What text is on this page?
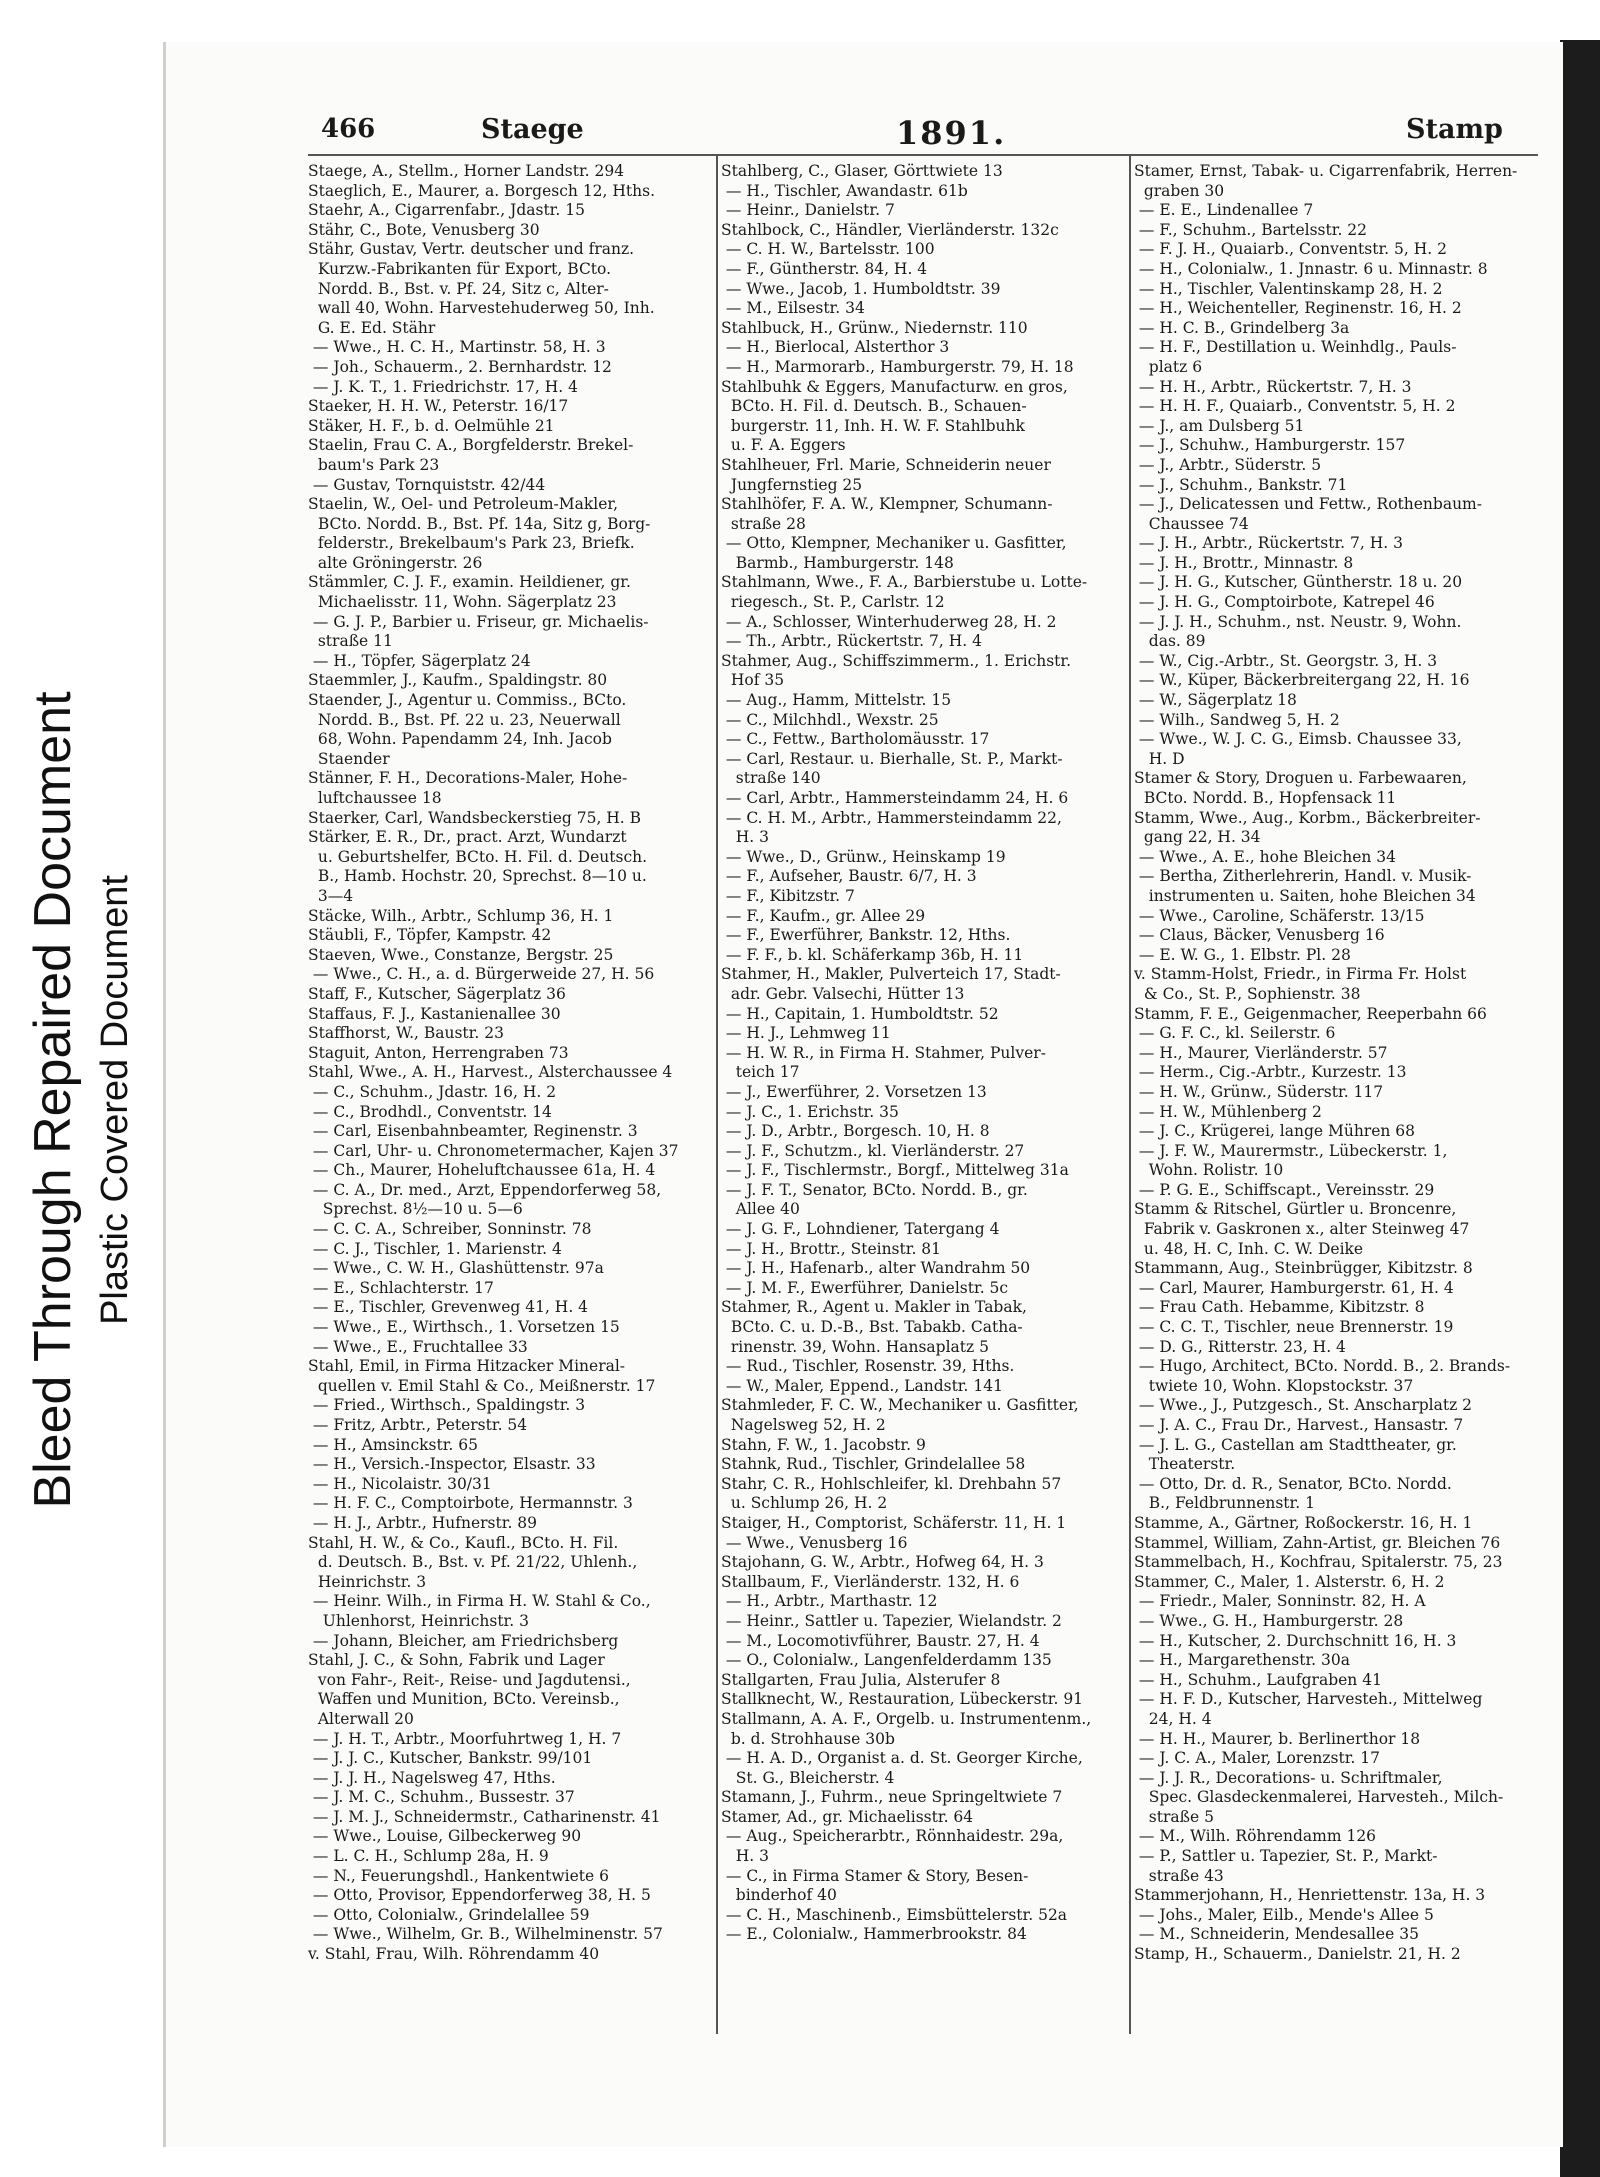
Bleed Through Repaired Document Plastic Covered Document
466	Staege	1891.	Stamp
Staege, A., Stellm., Horner Landstr. 294
Staeglich, E., Maurer, a. Borgesch 12, Hths.
Staehr, A., Cigarrenfabr., Jdastr. 15
Stähr, C., Bote, Venusberg 30
Stähr, Gustav, Vertr. deutscher und franz.
Kurzw.-Fabrikanten für Export, BCto.
Nordd. B., Bst. v. Pf. 24, Sitz c, Alter-
wall 40, Wohn. Harvestehuderweg 50, Inh.
G. E. Ed. Stähr
— Wwe., H. C. H., Martinstr. 58, H. 3
— Joh., Schauerm., 2. Bernhardstr. 12
— J. K. T., 1. Friedrichstr. 17, H. 4
Staeker, H. H. W., Peterstr. 16/17
Stäker, H. F., b. d. Oelmühle 21
Staelin, Frau C. A., Borgfelderstr. Brekel-
baum's Park 23
— Gustav, Tornquiststr. 42/44
Staelin, W., Oel- und Petroleum-Makler,
BCto. Nordd. B., Bst. Pf. 14a, Sitz g, Borg-
felderstr., Brekelbaum's Park 23, Briefk.
alte Gröningerstr. 26
Stämmler, C. J. F., examin. Heildiener, gr.
Michaelisstr. 11, Wohn. Sägerplatz 23
— G. J. P., Barbier u. Friseur, gr. Michaelis-
straße 11
— H., Töpfer, Sägerplatz 24
Staemmler, J., Kaufm., Spaldingstr. 80
Staender, J., Agentur u. Commiss., BCto.
Nordd. B., Bst. Pf. 22 u. 23, Neuerwall
68, Wohn. Papendamm 24, Inh. Jacob
Staender
Stänner, F. H., Decorations-Maler, Hohe-
luftchaussee 18
Staerker, Carl, Wandsbeckerstieg 75, H. B
Stärker, E. R., Dr., pract. Arzt, Wundarzt
u. Geburtshelfer, BCto. H. Fil. d. Deutsch.
B., Hamb. Hochstr. 20, Sprechst. 8—10 u.
3—4
Stäcke, Wilh., Arbtr., Schlump 36, H. 1
Stäubli, F., Töpfer, Kampstr. 42
Staeven, Wwe., Constanze, Bergstr. 25
— Wwe., C. H., a. d. Bürgerweide 27, H. 56
Staff, F., Kutscher, Sägerplatz 36
Staffaus, F. J., Kastanienallee 30
Staffhorst, W., Baustr. 23
Staguit, Anton, Herrengraben 73
Stahl, Wwe., A. H., Harvest., Alsterchaussee 4
— C., Schuhm., Jdastr. 16, H. 2
— C., Brodhdl., Conventstr. 14
— Carl, Eisenbahnbeamter, Reginenstr. 3
— Carl, Uhr- u. Chronometermacher, Kajen 37
— Ch., Maurer, Hoheluftchaussee 61a, H. 4
— C. A., Dr. med., Arzt, Eppendorferweg 58,
Sprechst. 8½—10 u. 5—6
— C. C. A., Schreiber, Sonninstr. 78
— C. J., Tischler, 1. Marienstr. 4
— Wwe., C. W. H., Glashüttenstr. 97a
— E., Schlachterstr. 17
— E., Tischler, Grevenweg 41, H. 4
— Wwe., E., Wirthsch., 1. Vorsetzen 15
— Wwe., E., Fruchtallee 33
Stahl, Emil, in Firma Hitzacker Mineral-
quellen v. Emil Stahl & Co., Meißnerstr. 17
— Fried., Wirthsch., Spaldingstr. 3
— Fritz, Arbtr., Peterstr. 54
— H., Amsinckstr. 65
— H., Versich.-Inspector, Elsastr. 33
— H., Nicolaistr. 30/31
— H. F. C., Comptoirbote, Hermannstr. 3
— H. J., Arbtr., Hufnerstr. 89
Stahl, H. W., & Co., Kaufl., BCto. H. Fil.
d. Deutsch. B., Bst. v. Pf. 21/22, Uhlenh.,
Heinrichstr. 3
— Heinr. Wilh., in Firma H. W. Stahl & Co.,
Uhlenhorst, Heinrichstr. 3
— Johann, Bleicher, am Friedrichsberg
Stahl, J. C., & Sohn, Fabrik und Lager
von Fahr-, Reit-, Reise- und Jagdutensi.,
Waffen und Munition, BCto. Vereinsb.,
Alterwall 20
— J. H. T., Arbtr., Moorfuhrtweg 1, H. 7
— J. J. C., Kutscher, Bankstr. 99/101
— J. J. H., Nagelsweg 47, Hths.
— J. M. C., Schuhm., Bussestr. 37
— J. M. J., Schneidermstr., Catharinenstr. 41
— Wwe., Louise, Gilbeckerweg 90
— L. C. H., Schlump 28a, H. 9
— N., Feuerungshdl., Hankentwiete 6
— Otto, Provisor, Eppendorferweg 38, H. 5
— Otto, Colonialw., Grindelallee 59
— Wwe., Wilhelm, Gr. B., Wilhelminenstr. 57
v. Stahl, Frau, Wilh. Röhrendamm 40
Stahlberg, C., Glaser, Görttwiete 13
— H., Tischler, Awandastr. 61b
— Heinr., Danielstr. 7
Stahlbock, C., Händler, Vierländerstr. 132c
— C. H. W., Bartelsstr. 100
— F., Güntherstr. 84, H. 4
— Wwe., Jacob, 1. Humboldtstr. 39
— M., Eilsestr. 34
Stahlbuck, H., Grünw., Niedernstr. 110
— H., Bierlocal, Alsterthor 3
— H., Marmorarb., Hamburgerstr. 79, H. 18
Stahlbuhk & Eggers, Manufacturw. en gros,
BCto. H. Fil. d. Deutsch. B., Schauen-
burgerstr. 11, Inh. H. W. F. Stahlbuhk
u. F. A. Eggers
Stahlheuer, Frl. Marie, Schneiderin neuer
Jungfernstieg 25
Stahlhöfer, F. A. W., Klempner, Schumann-
straße 28
— Otto, Klempner, Mechaniker u. Gasfitter,
Barmb., Hamburgerstr. 148
Stahlmann, Wwe., F. A., Barbierstube u. Lotte-
riegesch., St. P., Carlstr. 12
— A., Schlosser, Winterhuderweg 28, H. 2
— Th., Arbtr., Rückertstr. 7, H. 4
Stahmer, Aug., Schiffszimmerm., 1. Erichstr.
Hof 35
— Aug., Hamm, Mittelstr. 15
— C., Milchhdl., Wexstr. 25
— C., Fettw., Bartholomäusstr. 17
— Carl, Restaur. u. Bierhalle, St. P., Markt-
straße 140
— Carl, Arbtr., Hammersteindamm 24, H. 6
— C. H. M., Arbtr., Hammersteindamm 22,
H. 3
— Wwe., D., Grünw., Heinskamp 19
— F., Aufseher, Baustr. 6/7, H. 3
— F., Kibitzstr. 7
— F., Kaufm., gr. Allee 29
— F., Ewerführer, Bankstr. 12, Hths.
— F. F., b. kl. Schäferkamp 36b, H. 11
Stahmer, H., Makler, Pulverteich 17, Stadt-
adr. Gebr. Valsechi, Hütter 13
— H., Capitain, 1. Humboldtstr. 52
— H. J., Lehmweg 11
— H. W. R., in Firma H. Stahmer, Pulver-
teich 17
— J., Ewerführer, 2. Vorsetzen 13
— J. C., 1. Erichstr. 35
— J. D., Arbtr., Borgesch. 10, H. 8
— J. F., Schutzm., kl. Vierländerstr. 27
— J. F., Tischlermstr., Borgf., Mittelweg 31a
— J. F. T., Senator, BCto. Nordd. B., gr.
Allee 40
— J. G. F., Lohndiener, Tatergang 4
— J. H., Brottr., Steinstr. 81
— J. H., Hafenarb., alter Wandrahm 50
— J. M. F., Ewerführer, Danielstr. 5c
Stahmer, R., Agent u. Makler in Tabak,
BCto. C. u. D.-B., Bst. Tabakb. Catha-
rinenstr. 39, Wohn. Hansaplatz 5
— Rud., Tischler, Rosenstr. 39, Hths.
— W., Maler, Eppend., Landstr. 141
Stahmleder, F. C. W., Mechaniker u. Gasfitter,
Nagelsweg 52, H. 2
Stahn, F. W., 1. Jacobstr. 9
Stahnk, Rud., Tischler, Grindelallee 58
Stahr, C. R., Hohlschleifer, kl. Drehbahn 57
u. Schlump 26, H. 2
Staiger, H., Comptorist, Schäferstr. 11, H. 1
— Wwe., Venusberg 16
Stajohann, G. W., Arbtr., Hofweg 64, H. 3
Stallbaum, F., Vierländerstr. 132, H. 6
— H., Arbtr., Marthastr. 12
— Heinr., Sattler u. Tapezier, Wielandstr. 2
— M., Locomotivführer, Baustr. 27, H. 4
— O., Colonialw., Langenfelderdamm 135
Stallgarten, Frau Julia, Alsterufer 8
Stallknecht, W., Restauration, Lübeckerstr. 91
Stallmann, A. A. F., Orgelb. u. Instrumentenm.,
b. d. Strohhause 30b
— H. A. D., Organist a. d. St. Georger Kirche,
St. G., Bleicherstr. 4
Stamann, J., Fuhrm., neue Springeltwiete 7
Stamer, Ad., gr. Michaelisstr. 64
— Aug., Speicherarbtr., Rönnhaidestr. 29a,
H. 3
— C., in Firma Stamer & Story, Besen-
binderhof 40
— C. H., Maschinenb., Eimsbüttelerstr. 52a
— E., Colonialw., Hammerbrookstr. 84
Stamer, Ernst, Tabak- u. Cigarrenfabrik, Herren-
graben 30
— E. E., Lindenallee 7
— F., Schuhm., Bartelsstr. 22
— F. J. H., Quaiarb., Conventstr. 5, H. 2
— H., Colonialw., 1. Jnnastr. 6 u. Minnastr. 8
— H., Tischler, Valentinskamp 28, H. 2
— H., Weichenteller, Reginenstr. 16, H. 2
— H. C. B., Grindelberg 3a
— H. F., Destillation u. Weinhdlg., Pauls-
platz 6
— H. H., Arbtr., Rückertstr. 7, H. 3
— H. H. F., Quaiarb., Conventstr. 5, H. 2
— J., am Dulsberg 51
— J., Schuhw., Hamburgerstr. 157
— J., Arbtr., Süderstr. 5
— J., Schuhm., Bankstr. 71
— J., Delicatessen und Fettw., Rothenbaum-
Chaussee 74
— J. H., Arbtr., Rückertstr. 7, H. 3
— J. H., Brottr., Minnastr. 8
— J. H. G., Kutscher, Güntherstr. 18 u. 20
— J. H. G., Comptoirbote, Katrepel 46
— J. J. H., Schuhm., nst. Neustr. 9, Wohn.
das. 89
— W., Cig.-Arbtr., St. Georgstr. 3, H. 3
— W., Küper, Bäckerbreitergang 22, H. 16
— W., Sägerplatz 18
— Wilh., Sandweg 5, H. 2
— Wwe., W. J. C. G., Eimsb. Chaussee 33,
H. D
Stamer & Story, Droguen u. Farbewaaren,
BCto. Nordd. B., Hopfensack 11
Stamm, Wwe., Aug., Korbm., Bäckerbreiter-
gang 22, H. 34
— Wwe., A. E., hohe Bleichen 34
— Bertha, Zitherlehrerin, Handl. v. Musik-
instrumenten u. Saiten, hohe Bleichen 34
— Wwe., Caroline, Schäferstr. 13/15
— Claus, Bäcker, Venusberg 16
— E. W. G., 1. Elbstr. Pl. 28
v. Stamm-Holst, Friedr., in Firma Fr. Holst
& Co., St. P., Sophienstr. 38
Stamm, F. E., Geigenmacher, Reeperbahn 66
— G. F. C., kl. Seilerstr. 6
— H., Maurer, Vierländerstr. 57
— Herm., Cig.-Arbtr., Kurzestr. 13
— H. W., Grünw., Süderstr. 117
— H. W., Mühlenberg 2
— J. C., Krügerei, lange Mühren 68
— J. F. W., Maurermstr., Lübeckerstr. 1,
Wohn. Rolistr. 10
— P. G. E., Schiffscapt., Vereinsstr. 29
Stamm & Ritschel, Gürtler u. Broncenre,
Fabrik v. Gaskronen x., alter Steinweg 47
u. 48, H. C, Inh. C. W. Deike
Stammann, Aug., Steinbrügger, Kibitzstr. 8
— Carl, Maurer, Hamburgerstr. 61, H. 4
— Frau Cath. Hebamme, Kibitzstr. 8
— C. C. T., Tischler, neue Brennerstr. 19
— D. G., Ritterstr. 23, H. 4
— Hugo, Architect, BCto. Nordd. B., 2. Brands-
twiete 10, Wohn. Klopstockstr. 37
— Wwe., J., Putzgesch., St. Anscharplatz 2
— J. A. C., Frau Dr., Harvest., Hansastr. 7
— J. L. G., Castellan am Stadttheater, gr.
Theaterstr.
— Otto, Dr. d. R., Senator, BCto. Nordd.
B., Feldbrunnenstr. 1
Stamme, A., Gärtner, Roßockerstr. 16, H. 1
Stammel, William, Zahn-Artist, gr. Bleichen 76
Stammelbach, H., Kochfrau, Spitalerstr. 75, 23
Stammer, C., Maler, 1. Alsterstr. 6, H. 2
— Friedr., Maler, Sonninstr. 82, H. A
— Wwe., G. H., Hamburgerstr. 28
— H., Kutscher, 2. Durchschnitt 16, H. 3
— H., Margarethenstr. 30a
— H., Schuhm., Laufgraben 41
— H. F. D., Kutscher, Harvesteh., Mittelweg
24, H. 4
— H. H., Maurer, b. Berlinerthor 18
— J. C. A., Maler, Lorenzstr. 17
— J. J. R., Decorations- u. Schriftmaler,
Spec. Glasdeckenmalerei, Harvesteh., Milch-
straße 5
— M., Wilh. Röhrendamm 126
— P., Sattler u. Tapezier, St. P., Markt-
straße 43
Stammerjohann, H., Henriettenstr. 13a, H. 3
— Johs., Maler, Eilb., Mende's Allee 5
— M., Schneiderin, Mendesallee 35
Stamp, H., Schauerm., Danielstr. 21, H. 2
